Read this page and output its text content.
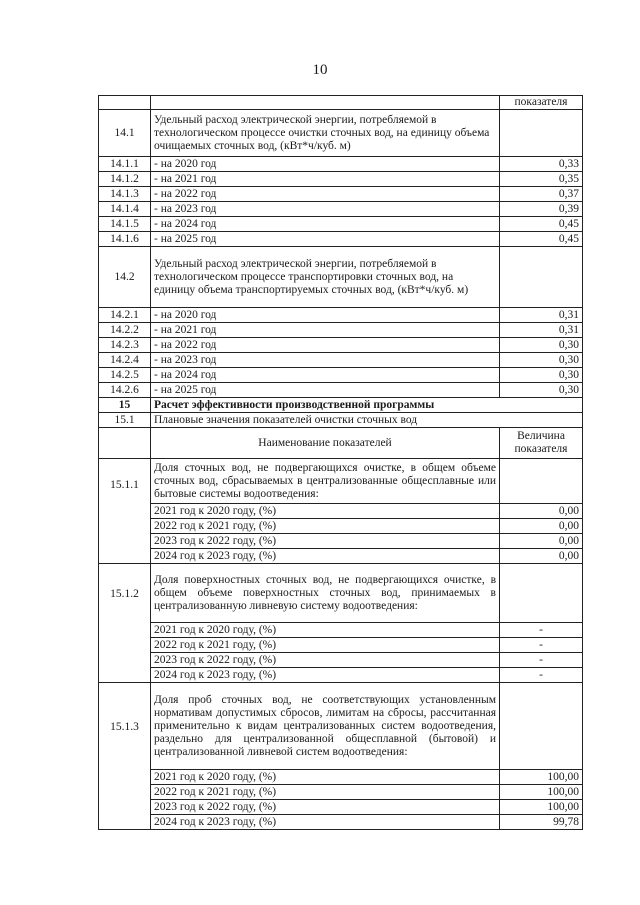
10
		показателя
14.1	Удельный расход электрической энергии, потребляемой в технологическом процессе очистки сточных вод, на единицу объема очищаемых сточных вод, (кВт*ч/куб. м)	
14.1.1	- на 2020 год	0,33
14.1.2	- на 2021 год	0,35
14.1.3	- на 2022 год	0,37
14.1.4	- на 2023 год	0,39
14.1.5	- на 2024 год	0,45
14.1.6	- на 2025 год	0,45
14.2	Удельный расход электрической энергии, потребляемой в технологическом процессе транспортировки сточных вод, на единицу объема транспортируемых сточных вод, (кВт*ч/куб. м)	
14.2.1	- на 2020 год	0,31
14.2.2	- на 2021 год	0,31
14.2.3	- на 2022 год	0,30
14.2.4	- на 2023 год	0,30
14.2.5	- на 2024 год	0,30
14.2.6	- на 2025 год	0,30
15	Расчет эффективности производственной программы	
15.1	Плановые значения показателей очистки сточных вод	
	Наименование показателей	Величина показателя
15.1.1	Доля сточных вод, не подвергающихся очистке, в общем объеме сточных вод, сбрасываемых в централизованные общесплавные или бытовые системы водоотведения:	
	2021 год к 2020 году, (%)	0,00
	2022 год к 2021 году, (%)	0,00
	2023 год к 2022 году, (%)	0,00
	2024 год к 2023 году, (%)	0,00
15.1.2	Доля поверхностных сточных вод, не подвергающихся очистке, в общем объеме поверхностных сточных вод, принимаемых в централизованную ливневую систему водоотведения:	
	2021 год к 2020 году, (%)	-
	2022 год к 2021 году, (%)	-
	2023 год к 2022 году, (%)	-
	2024 год к 2023 году, (%)	-
15.1.3	Доля проб сточных вод, не соответствующих установленным нормативам допустимых сбросов, лимитам на сбросы, рассчитанная применительно к видам централизованных систем водоотведения, раздельно для централизованной общесплавной (бытовой) и централизованной ливневой систем водоотведения:	
	2021 год к 2020 году, (%)	100,00
	2022 год к 2021 году, (%)	100,00
	2023 год к 2022 году, (%)	100,00
	2024 год к 2023 году, (%)	99,78
